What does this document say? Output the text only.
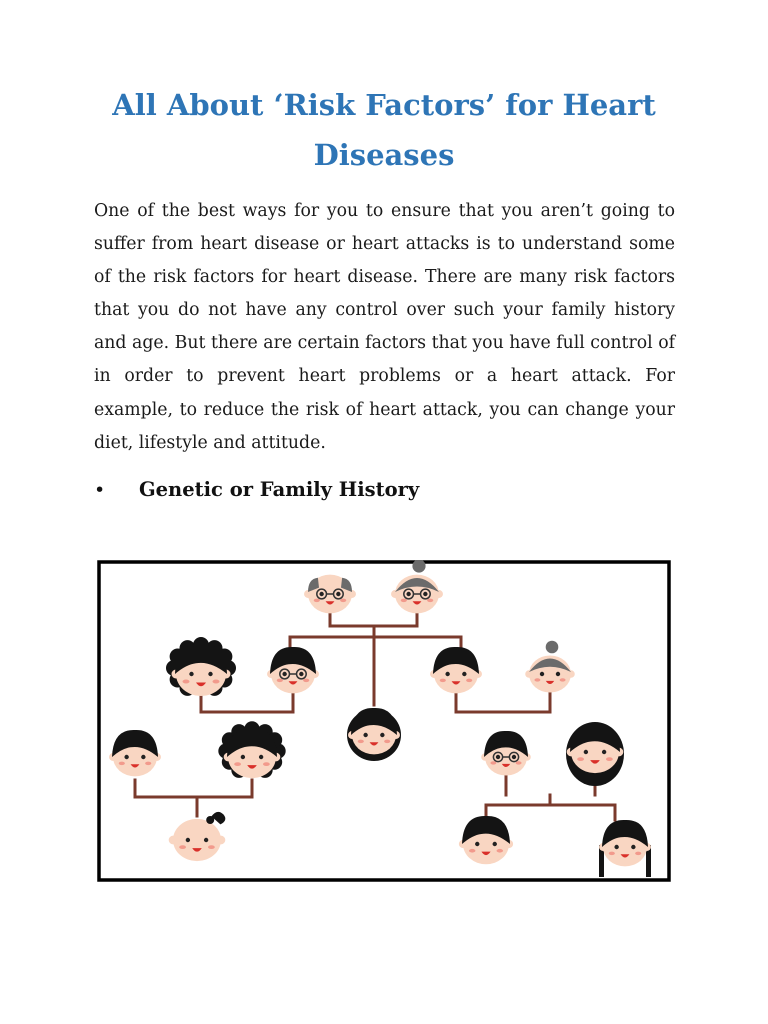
All About ‘Risk Factors’ for Heart Diseases

One of the best ways for you to ensure that you aren’t going to suffer from heart disease or heart attacks is to understand some of the risk factors for heart disease. There are many risk factors that you do not have any control over such your family history and age. But there are certain factors that you have full control of in order to prevent heart problems or a heart attack. For example, to reduce the risk of heart attack, you can change your diet, lifestyle and attitude.

• Genetic or Family History
